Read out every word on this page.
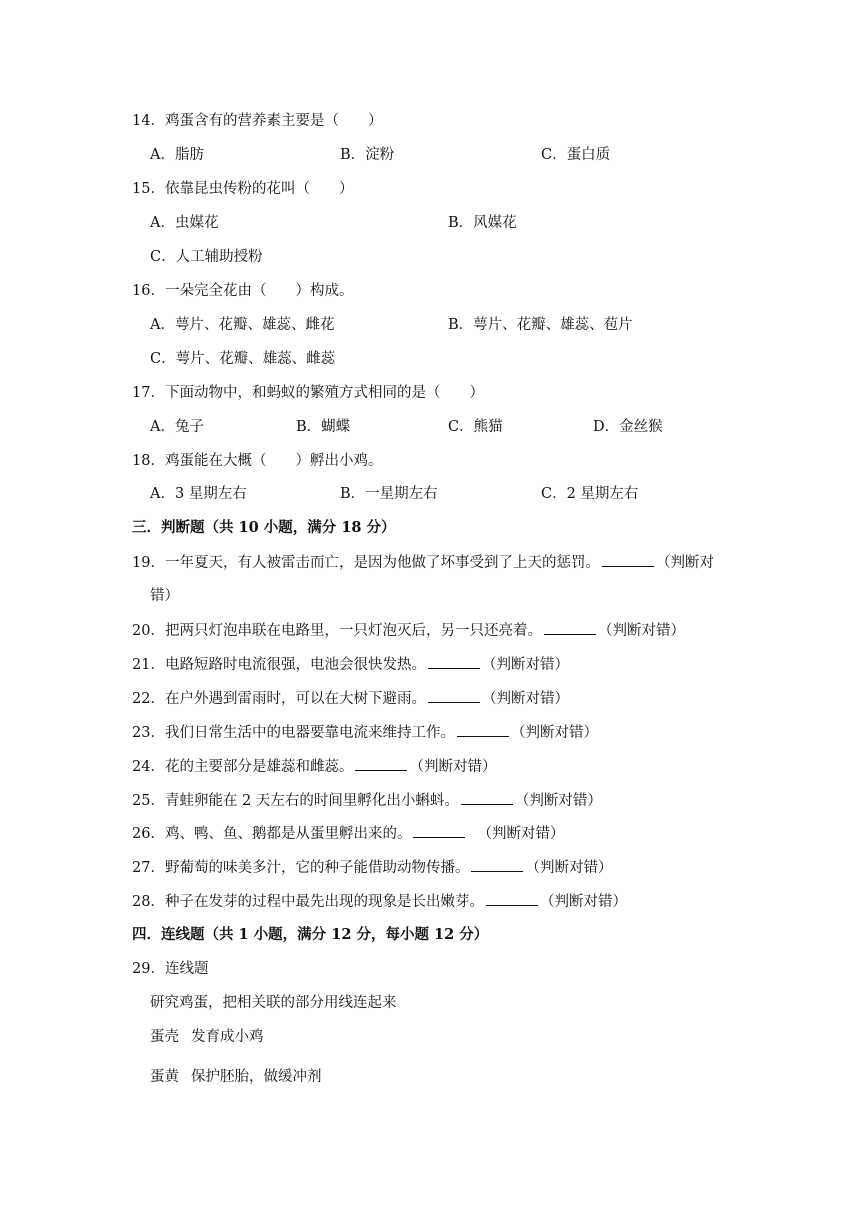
14．鸡蛋含有的营养素主要是（　　）
A．脂肪	B．淀粉	C．蛋白质
15．依靠昆虫传粉的花叫（　　）
A．虫媒花	B．风媒花
C．人工辅助授粉
16．一朵完全花由（　　）构成。
A．萼片、花瓣、雄蕊、雌花	B．萼片、花瓣、雄蕊、苞片
C．萼片、花瓣、雄蕊、雌蕊
17．下面动物中，和蚂蚁的繁殖方式相同的是（　　）
A．兔子	B．蝴蝶	C．熊猫	D．金丝猴
18．鸡蛋能在大概（　　）孵出小鸡。
A．3 星期左右	B．一星期左右	C．2 星期左右
三．判断题（共 10 小题，满分 18 分）
19．一年夏天，有人被雷击而亡，是因为他做了坏事受到了上天的惩罚。	（判断对
错）
20．把两只灯泡串联在电路里，一只灯泡灭后，另一只还亮着。	（判断对错）
21．电路短路时电流很强，电池会很快发热。	（判断对错）
22．在户外遇到雷雨时，可以在大树下避雨。	（判断对错）
23．我们日常生活中的电器要靠电流来维持工作。	（判断对错）
24．花的主要部分是雄蕊和雌蕊。	（判断对错）
25．青蛙卵能在 2 天左右的时间里孵化出小蝌蚪。	（判断对错）
26．鸡、鸭、鱼、鹅都是从蛋里孵出来的。	（判断对错）
27．野葡萄的味美多汁，它的种子能借助动物传播。	（判断对错）
28．种子在发芽的过程中最先出现的现象是长出嫩芽。	（判断对错）
四．连线题（共 1 小题，满分 12 分，每小题 12 分）
29．连线题
研究鸡蛋，把相关联的部分用线连起来
蛋壳 发育成小鸡
蛋黄 保护胚胎，做缓冲剂
